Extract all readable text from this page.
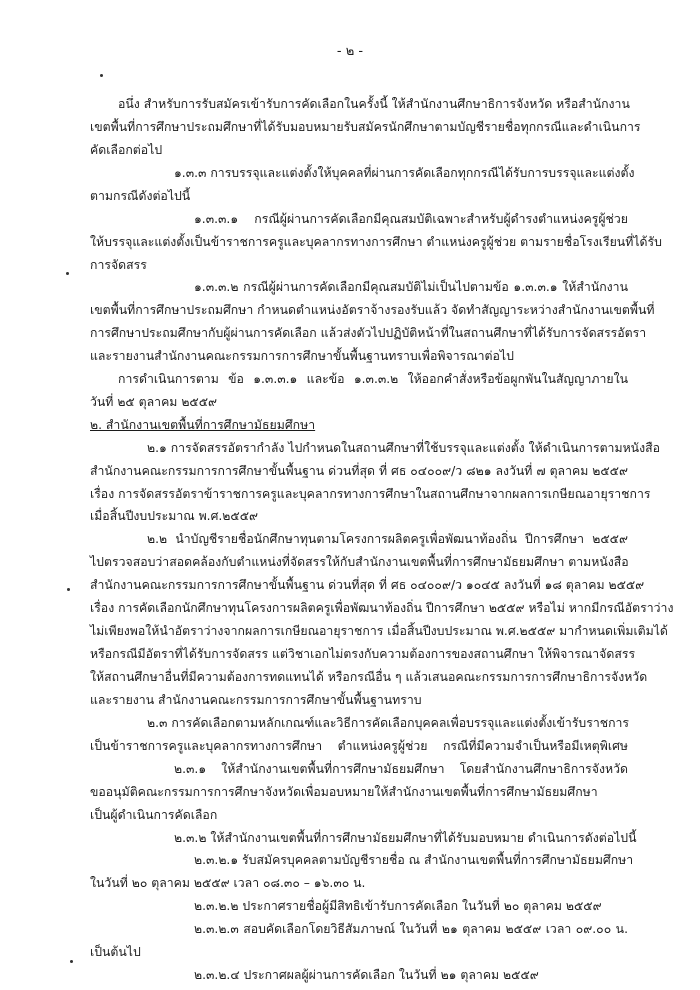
- ๒ -
อนึ่ง สำหรับการรับสมัครเข้ารับการคัดเลือกในครั้งนี้ ให้สำนักงานศึกษาธิการจังหวัด หรือสำนักงาน
เขตพื้นที่การศึกษาประถมศึกษาที่ได้รับมอบหมายรับสมัครนักศึกษาตามบัญชีรายชื่อทุกกรณีและดำเนินการ
คัดเลือกต่อไป
๑.๓.๓ การบรรจุและแต่งตั้งให้บุคคลที่ผ่านการคัดเลือกทุกกรณีได้รับการบรรจุและแต่งตั้ง
ตามกรณีดังต่อไปนี้
๑.๓.๓.๑ กรณีผู้ผ่านการคัดเลือกมีคุณสมบัติเฉพาะสำหรับผู้ดำรงตำแหน่งครูผู้ช่วย
ให้บรรจุและแต่งตั้งเป็นข้าราชการครูและบุคลากรทางการศึกษา ตำแหน่งครูผู้ช่วย ตามรายชื่อโรงเรียนที่ได้รับ
การจัดสรร
๑.๓.๓.๒ กรณีผู้ผ่านการคัดเลือกมีคุณสมบัติไม่เป็นไปตามข้อ ๑.๓.๓.๑ ให้สำนักงาน
เขตพื้นที่การศึกษาประถมศึกษา กำหนดตำแหน่งอัตราจ้างรองรับแล้ว จัดทำสัญญาระหว่างสำนักงานเขตพื้นที่
การศึกษาประถมศึกษากับผู้ผ่านการคัดเลือก แล้วส่งตัวไปปฏิบัติหน้าที่ในสถานศึกษาที่ได้รับการจัดสรรอัตรา
และรายงานสำนักงานคณะกรรมการการศึกษาขั้นพื้นฐานทราบเพื่อพิจารณาต่อไป
การดำเนินการตาม ข้อ ๑.๓.๓.๑ และข้อ ๑.๓.๓.๒ ให้ออกคำสั่งหรือข้อผูกพันในสัญญาภายใน
วันที่ ๒๕ ตุลาคม ๒๕๕๙
๒. สำนักงานเขตพื้นที่การศึกษามัธยมศึกษา
๒.๑ การจัดสรรอัตรากำลัง ไปกำหนดในสถานศึกษาที่ใช้บรรจุและแต่งตั้ง ให้ดำเนินการตามหนังสือ
สำนักงานคณะกรรมการการศึกษาขั้นพื้นฐาน ด่วนที่สุด ที่ ศธ ๐๔๐๐๙/ว ๘๒๑ ลงวันที่ ๗ ตุลาคม ๒๕๕๙
เรื่อง การจัดสรรอัตราข้าราชการครูและบุคลากรทางการศึกษาในสถานศึกษาจากผลการเกษียณอายุราชการ
เมื่อสิ้นปีงบประมาณ พ.ศ.๒๕๕๙
๒.๒ นำบัญชีรายชื่อนักศึกษาทุนตามโครงการผลิตครูเพื่อพัฒนาท้องถิ่น ปีการศึกษา ๒๕๕๙
ไปตรวจสอบว่าสอดคล้องกับตำแหน่งที่จัดสรรให้กับสำนักงานเขตพื้นที่การศึกษามัธยมศึกษา ตามหนังสือ
สำนักงานคณะกรรมการการศึกษาขั้นพื้นฐาน ด่วนที่สุด ที่ ศธ ๐๔๐๐๙/ว ๑๐๔๕ ลงวันที่ ๑๘ ตุลาคม ๒๕๕๙
เรื่อง การคัดเลือกนักศึกษาทุนโครงการผลิตครูเพื่อพัฒนาท้องถิ่น ปีการศึกษา ๒๕๕๙ หรือไม่ หากมีกรณีอัตราว่าง
ไม่เพียงพอให้นำอัตราว่างจากผลการเกษียณอายุราชการ เมื่อสิ้นปีงบประมาณ พ.ศ.๒๕๕๙ มากำหนดเพิ่มเติมได้
หรือกรณีมีอัตราที่ได้รับการจัดสรร แต่วิชาเอกไม่ตรงกับความต้องการของสถานศึกษา ให้พิจารณาจัดสรร
ให้สถานศึกษาอื่นที่มีความต้องการทดแทนได้ หรือกรณีอื่น ๆ แล้วเสนอคณะกรรมการการศึกษาธิการจังหวัด
และรายงาน สำนักงานคณะกรรมการการศึกษาขั้นพื้นฐานทราบ
๒.๓ การคัดเลือกตามหลักเกณฑ์และวิธีการคัดเลือกบุคคลเพื่อบรรจุและแต่งตั้งเข้ารับราชการ
เป็นข้าราชการครูและบุคลากรทางการศึกษา ตำแหน่งครูผู้ช่วย กรณีที่มีความจำเป็นหรือมีเหตุพิเศษ
๒.๓.๑ ให้สำนักงานเขตพื้นที่การศึกษามัธยมศึกษา โดยสำนักงานศึกษาธิการจังหวัด
ขออนุมัติคณะกรรมการการศึกษาจังหวัดเพื่อมอบหมายให้สำนักงานเขตพื้นที่การศึกษามัธยมศึกษา
เป็นผู้ดำเนินการคัดเลือก
๒.๓.๒ ให้สำนักงานเขตพื้นที่การศึกษามัธยมศึกษาที่ได้รับมอบหมาย ดำเนินการดังต่อไปนี้
๒.๓.๒.๑ รับสมัครบุคคลตามบัญชีรายชื่อ ณ สำนักงานเขตพื้นที่การศึกษามัธยมศึกษา
ในวันที่ ๒๐ ตุลาคม ๒๕๕๙ เวลา ๐๘.๓๐ – ๑๖.๓๐ น.
๒.๓.๒.๒ ประกาศรายชื่อผู้มีสิทธิเข้ารับการคัดเลือก ในวันที่ ๒๐ ตุลาคม ๒๕๕๙
๒.๓.๒.๓ สอบคัดเลือกโดยวิธีสัมภาษณ์ ในวันที่ ๒๑ ตุลาคม ๒๕๕๙ เวลา ๐๙.๐๐ น.
เป็นต้นไป
๒.๓.๒.๔ ประกาศผลผู้ผ่านการคัดเลือก ในวันที่ ๒๑ ตุลาคม ๒๕๕๙
